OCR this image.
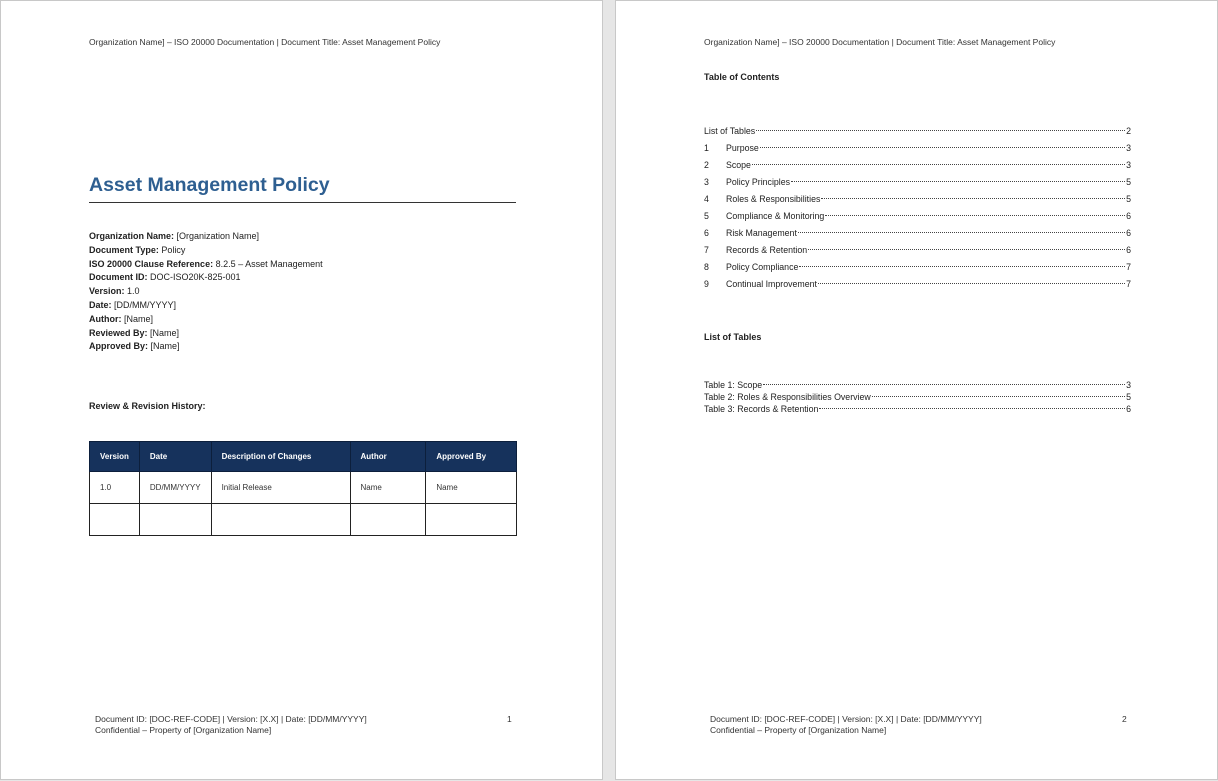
Organization Name] – ISO 20000 Documentation | Document Title: Asset Management Policy
Asset Management Policy
Organization Name: [Organization Name]
Document Type: Policy
ISO 20000 Clause Reference: 8.2.5 – Asset Management
Document ID: DOC-ISO20K-825-001
Version: 1.0
Date: [DD/MM/YYYY]
Author: [Name]
Reviewed By: [Name]
Approved By: [Name]
Review & Revision History:
Version	Date	Description of Changes	Author	Approved By
1.0	DD/MM/YYYY	Initial Release	Name	Name

Document ID: [DOC-REF-CODE] | Version: [X.X] | Date: [DD/MM/YYYY]
Confidential – Property of [Organization Name]
1
Organization Name] – ISO 20000 Documentation | Document Title: Asset Management Policy
Table of Contents
List of Tables	2
1	Purpose	3
2	Scope	3
3	Policy Principles	5
4	Roles & Responsibilities	5
5	Compliance & Monitoring	6
6	Risk Management	6
7	Records & Retention	6
8	Policy Compliance	7
9	Continual Improvement	7
List of Tables
Table 1: Scope	3
Table 2: Roles & Responsibilities Overview	5
Table 3: Records & Retention	6
Document ID: [DOC-REF-CODE] | Version: [X.X] | Date: [DD/MM/YYYY]
Confidential – Property of [Organization Name]
2
